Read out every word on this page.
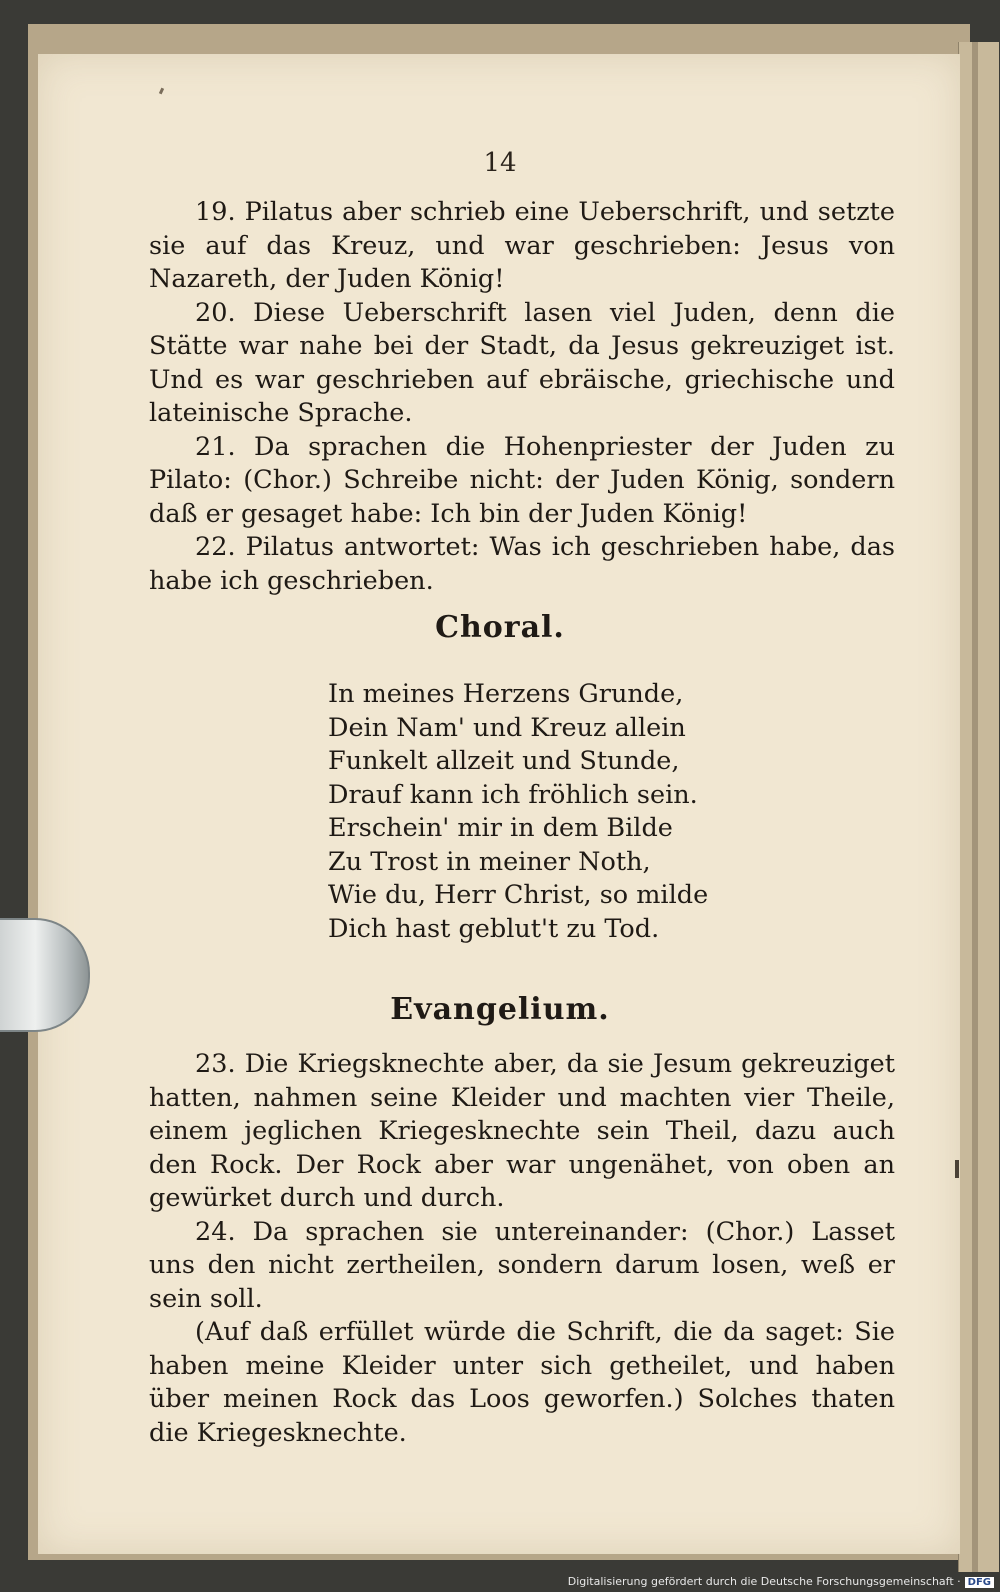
14

19. Pilatus aber schrieb eine Ueberschrift, und setzte sie auf das Kreuz, und war geschrieben: Jesus von Nazareth, der Juden König!

20. Diese Ueberschrift lasen viel Juden, denn die Stätte war nahe bei der Stadt, da Jesus gekreuziget ist. Und es war geschrieben auf ebräische, griechische und lateinische Sprache.

21. Da sprachen die Hohenpriester der Juden zu Pilato: (Chor.) Schreibe nicht: der Juden König, sondern daß er gesaget habe: Ich bin der Juden König!

22. Pilatus antwortet: Was ich geschrieben habe, das habe ich geschrieben.

Choral.
In meines Herzens Grunde,
Dein Nam' und Kreuz allein
Funkelt allzeit und Stunde,
Drauf kann ich fröhlich sein.
Erschein' mir in dem Bilde
Zu Trost in meiner Noth,
Wie du, Herr Christ, so milde
Dich hast geblut't zu Tod.
Evangelium.

23. Die Kriegsknechte aber, da sie Jesum gekreuziget hatten, nahmen seine Kleider und machten vier Theile, einem jeglichen Kriegesknechte sein Theil, dazu auch den Rock. Der Rock aber war ungenähet, von oben an gewürket durch und durch.

24. Da sprachen sie untereinander: (Chor.) Lasset uns den nicht zertheilen, sondern darum losen, weß er sein soll.

(Auf daß erfüllet würde die Schrift, die da saget: Sie haben meine Kleider unter sich getheilet, und haben über meinen Rock das Loos geworfen.) Solches thaten die Kriegesknechte.

Digitalisierung gefördert durch die Deutsche Forschungsgemeinschaft · DFG
